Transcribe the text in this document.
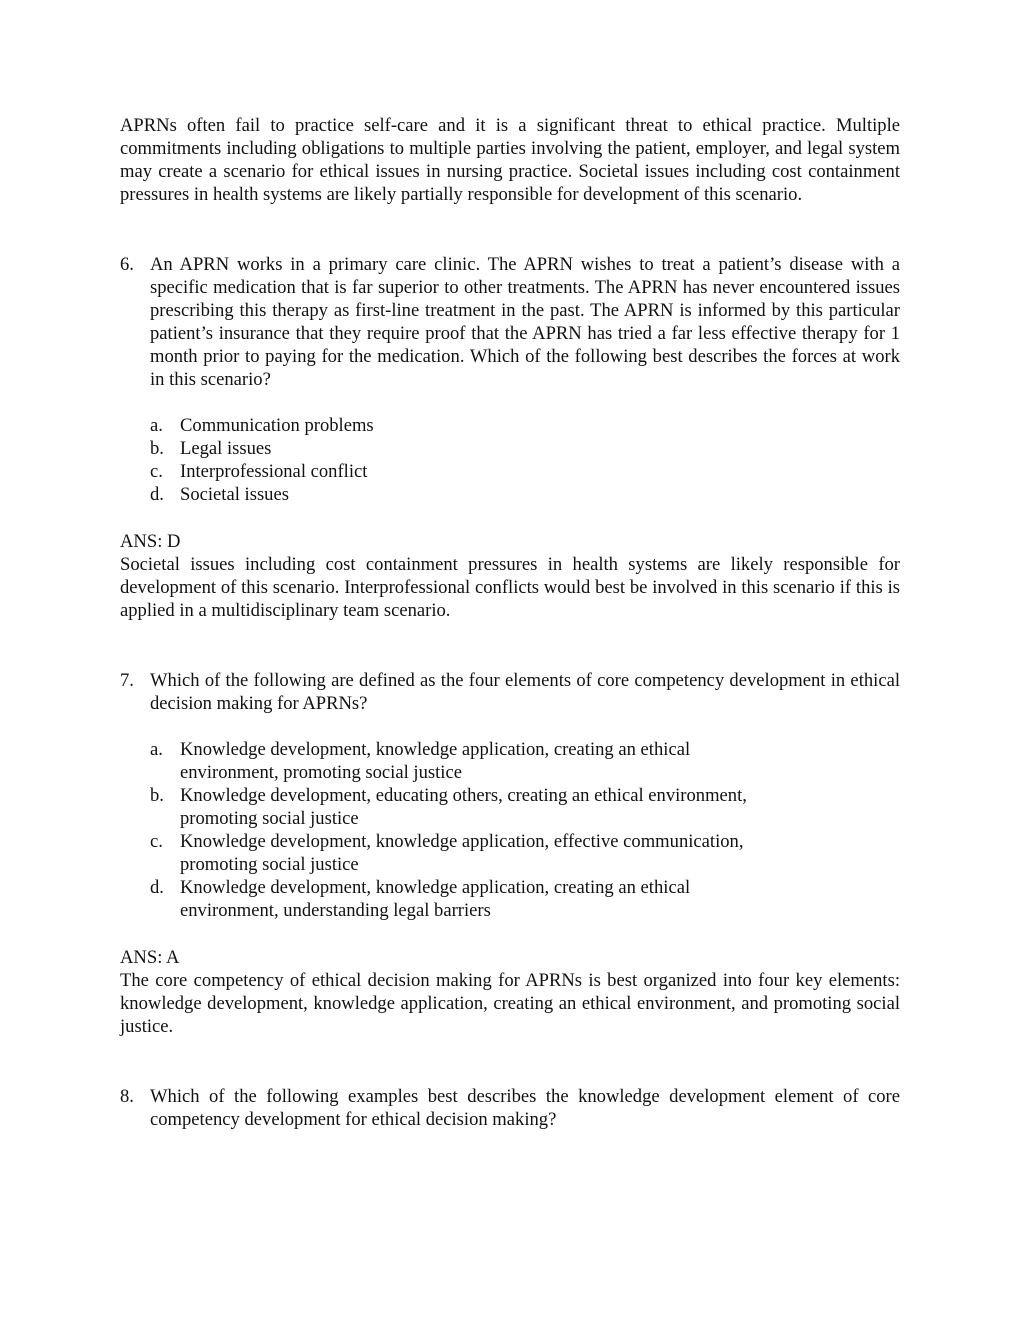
APRNs often fail to practice self-care and it is a significant threat to ethical practice. Multiple commitments including obligations to multiple parties involving the patient, employer, and legal system may create a scenario for ethical issues in nursing practice. Societal issues including cost containment pressures in health systems are likely partially responsible for development of this scenario.

6. An APRN works in a primary care clinic. The APRN wishes to treat a patient’s disease with a specific medication that is far superior to other treatments. The APRN has never encountered issues prescribing this therapy as first-line treatment in the past. The APRN is informed by this particular patient’s insurance that they require proof that the APRN has tried a far less effective therapy for 1 month prior to paying for the medication. Which of the following best describes the forces at work in this scenario?

a. Communication problems
b. Legal issues
c. Interprofessional conflict
d. Societal issues

ANS: D

Societal issues including cost containment pressures in health systems are likely responsible for development of this scenario. Interprofessional conflicts would best be involved in this scenario if this is applied in a multidisciplinary team scenario.

7. Which of the following are defined as the four elements of core competency development in ethical decision making for APRNs?

a. Knowledge development, knowledge application, creating an ethical
environment, promoting social justice
b. Knowledge development, educating others, creating an ethical environment,
promoting social justice
c. Knowledge development, knowledge application, effective communication,
promoting social justice
d. Knowledge development, knowledge application, creating an ethical
environment, understanding legal barriers

ANS: A

The core competency of ethical decision making for APRNs is best organized into four key elements: knowledge development, knowledge application, creating an ethical environment, and promoting social justice.

8. Which of the following examples best describes the knowledge development element of core competency development for ethical decision making?
